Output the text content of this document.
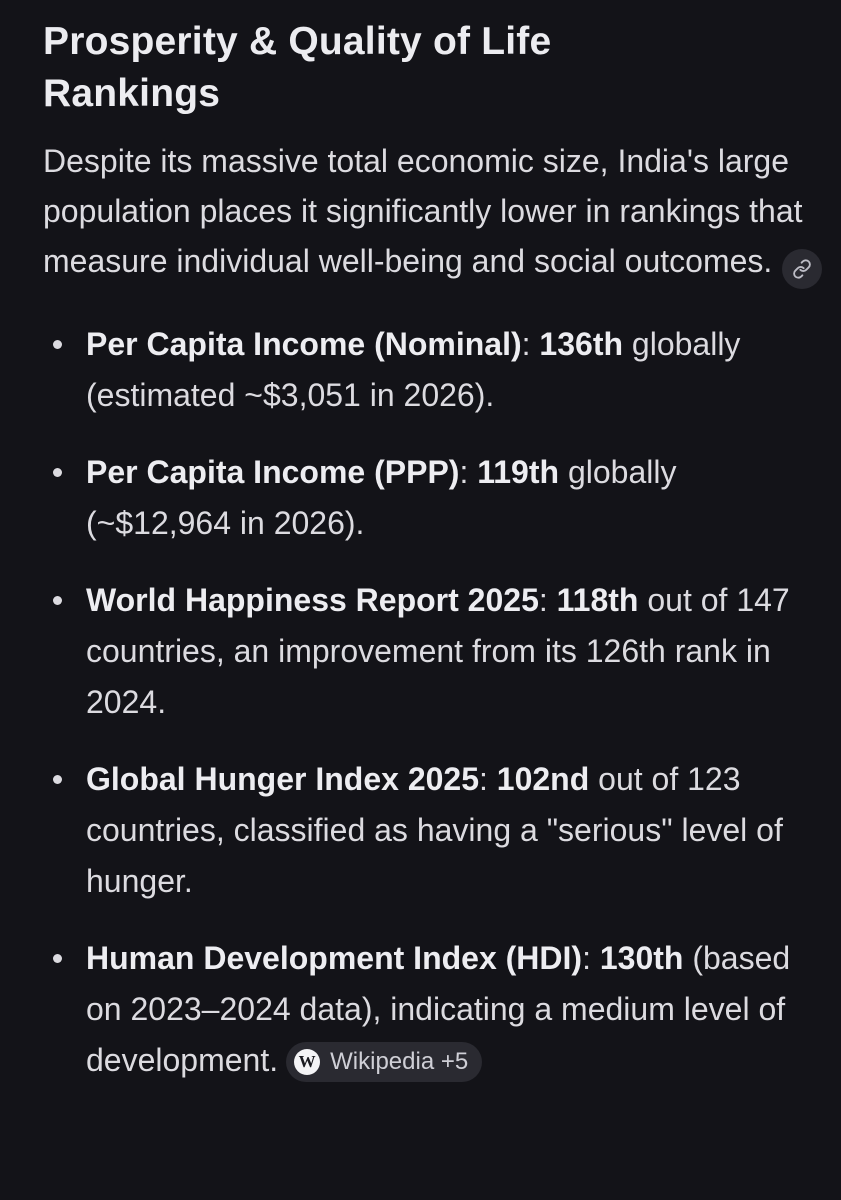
Prosperity & Quality of Life Rankings

Despite its massive total economic size, India's large population places it significantly lower in rankings that measure individual well-being and social outcomes.

Per Capita Income (Nominal): 136th globally (estimated ~$3,051 in 2026).
Per Capita Income (PPP): 119th globally (~$12,964 in 2026).
World Happiness Report 2025: 118th out of 147 countries, an improvement from its 126th rank in 2024.
Global Hunger Index 2025: 102nd out of 123 countries, classified as having a "serious" level of hunger.
Human Development Index (HDI): 130th (based on 2023–2024 data), indicating a medium level of development. W Wikipedia +5
